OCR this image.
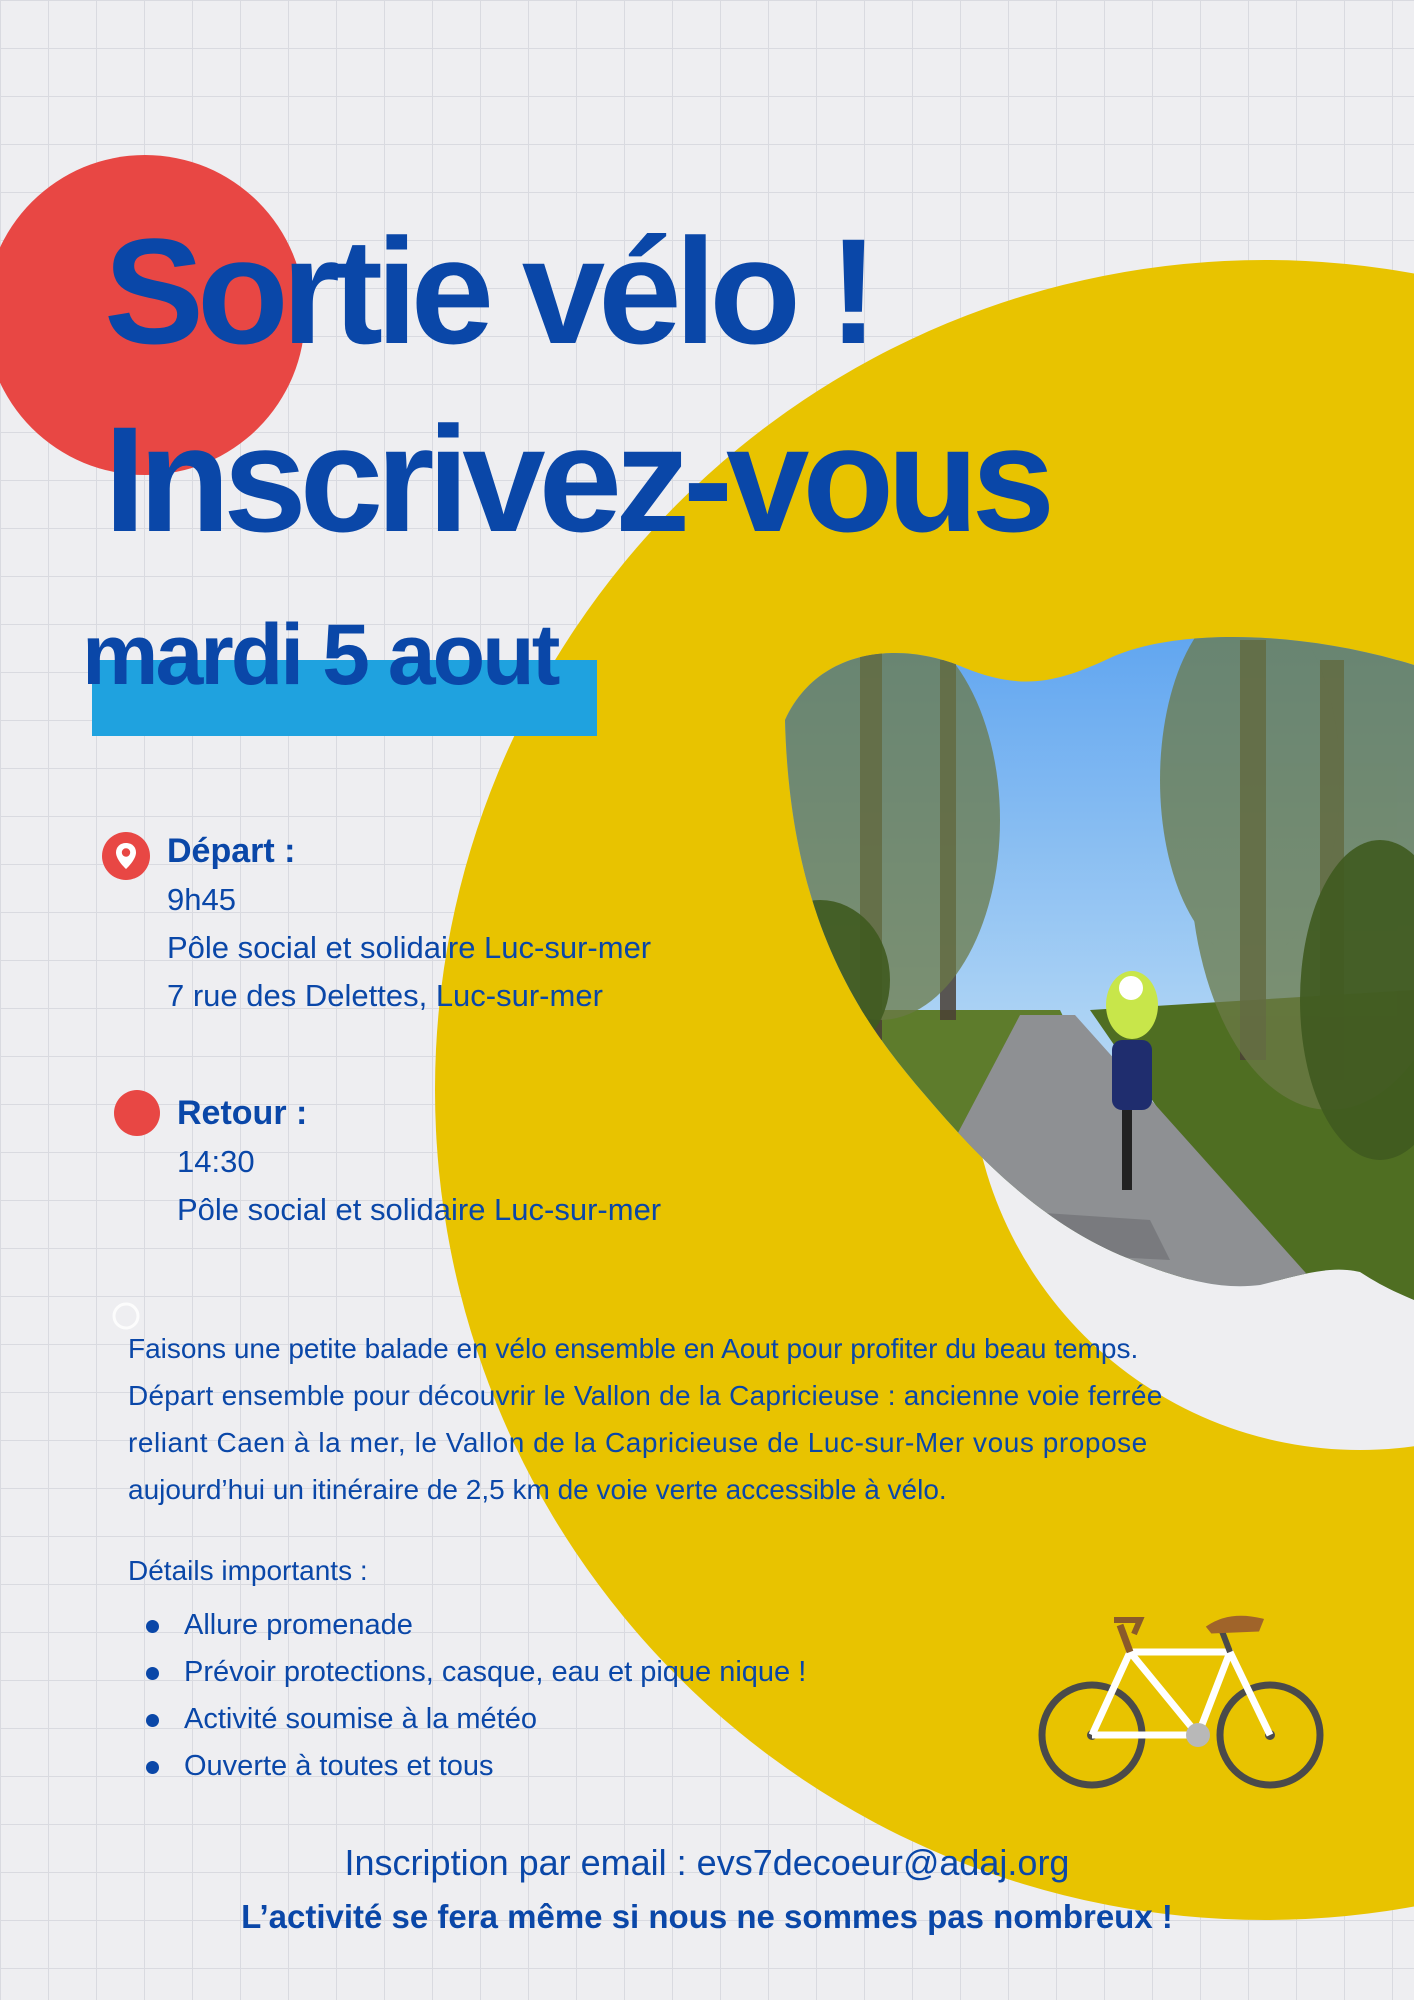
Sortie vélo !
Inscrivez-vous

mardi 5 aout

Départ :

9h45

Pôle social et solidaire Luc-sur-mer

7 rue des Delettes, Luc-sur-mer

Retour :

14:30

Pôle social et solidaire Luc-sur-mer

Faisons une petite balade en vélo ensemble en Aout pour profiter du beau temps.
Départ ensemble pour découvrir le Vallon de la Capricieuse : ancienne voie ferrée
reliant Caen à la mer, le Vallon de la Capricieuse de Luc-sur-Mer vous propose
aujourd’hui un itinéraire de 2,5 km de voie verte accessible à vélo.

Détails importants :

Allure promenade
Prévoir protections, casque, eau et pique nique !
Activité soumise à la météo
Ouverte à toutes et tous

Inscription par email : evs7decoeur@adaj.org

L’activité se fera même si nous ne sommes pas nombreux !
